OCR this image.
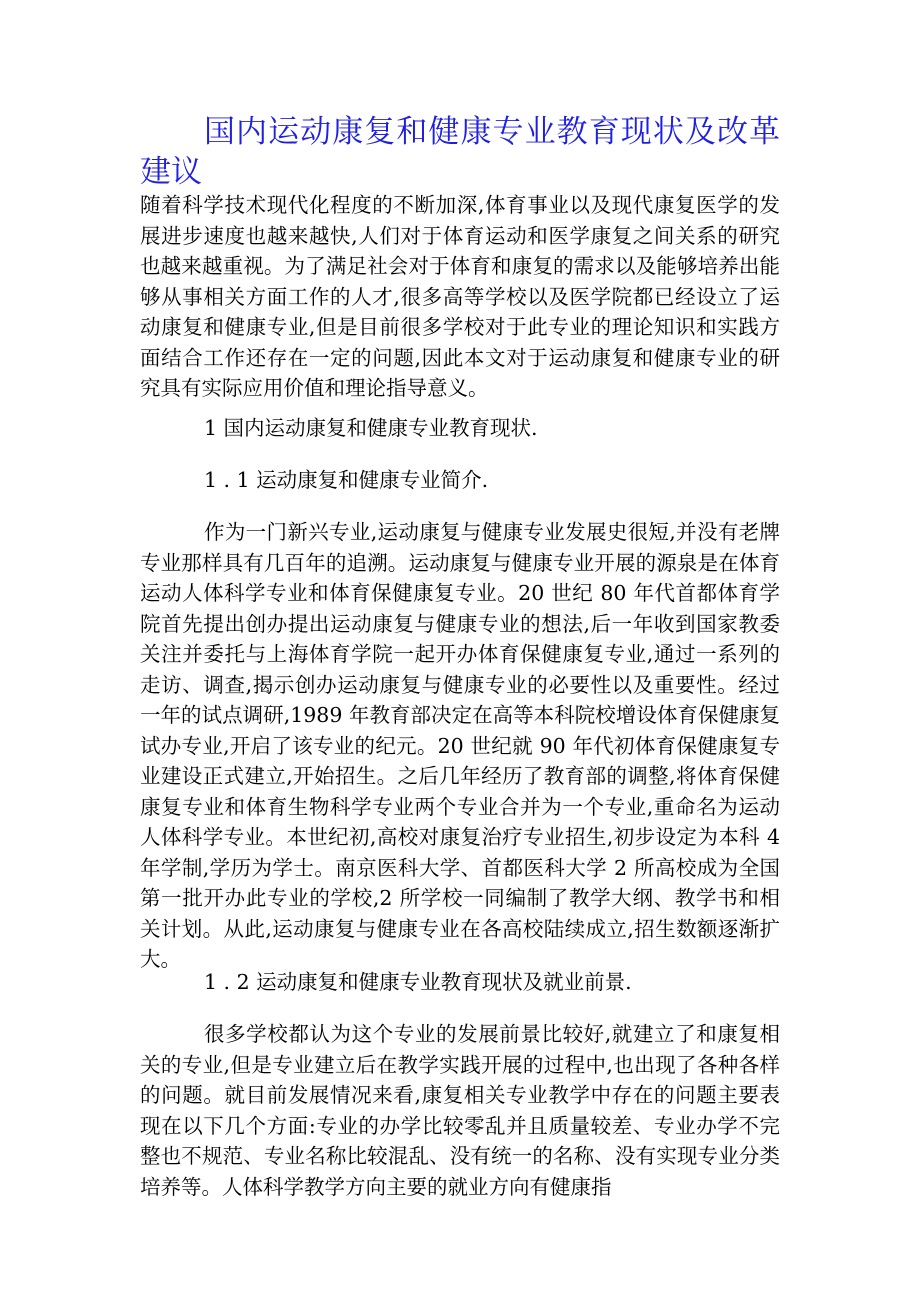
国内运动康复和健康专业教育现状及改革建议

随着科学技术现代化程度的不断加深,体育事业以及现代康复医学的发展进步速度也越来越快,人们对于体育运动和医学康复之间关系的研究也越来越重视。为了满足社会对于体育和康复的需求以及能够培养出能够从事相关方面工作的人才,很多高等学校以及医学院都已经设立了运动康复和健康专业,但是目前很多学校对于此专业的理论知识和实践方面结合工作还存在一定的问题,因此本文对于运动康复和健康专业的研究具有实际应用价值和理论指导意义。

1 国内运动康复和健康专业教育现状.

1 . 1 运动康复和健康专业简介.

作为一门新兴专业,运动康复与健康专业发展史很短,并没有老牌专业那样具有几百年的追溯。运动康复与健康专业开展的源泉是在体育运动人体科学专业和体育保健康复专业。20 世纪 80 年代首都体育学院首先提出创办提出运动康复与健康专业的想法,后一年收到国家教委关注并委托与上海体育学院一起开办体育保健康复专业,通过一系列的走访、调查,揭示创办运动康复与健康专业的必要性以及重要性。经过一年的试点调研,1989 年教育部决定在高等本科院校增设体育保健康复试办专业,开启了该专业的纪元。20 世纪就 90 年代初体育保健康复专业建设正式建立,开始招生。之后几年经历了教育部的调整,将体育保健康复专业和体育生物科学专业两个专业合并为一个专业,重命名为运动人体科学专业。本世纪初,高校对康复治疗专业招生,初步设定为本科 4 年学制,学历为学士。南京医科大学、首都医科大学 2 所高校成为全国第一批开办此专业的学校,2 所学校一同编制了教学大纲、教学书和相关计划。从此,运动康复与健康专业在各高校陆续成立,招生数额逐渐扩大。

1 . 2 运动康复和健康专业教育现状及就业前景.

很多学校都认为这个专业的发展前景比较好,就建立了和康复相关的专业,但是专业建立后在教学实践开展的过程中,也出现了各种各样的问题。就目前发展情况来看,康复相关专业教学中存在的问题主要表现在以下几个方面:专业的办学比较零乱并且质量较差、专业办学不完整也不规范、专业名称比较混乱、没有统一的名称、没有实现专业分类培养等。人体科学教学方向主要的就业方向有健康指
